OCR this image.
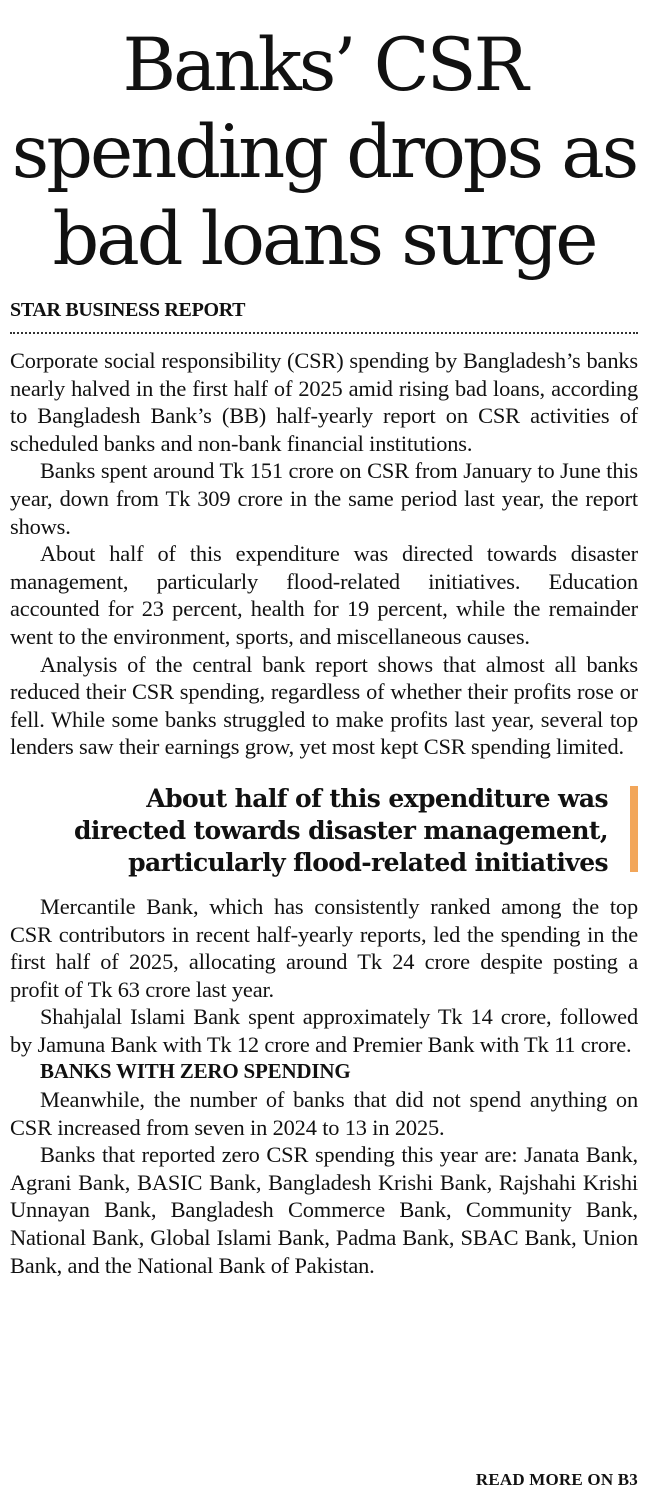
Banks’ CSR
spending drops as
bad loans surge
STAR BUSINESS REPORT

Corporate social responsibility (CSR) spending by Bangladesh’s banks nearly halved in the first half of 2025 amid rising bad loans, according to Bangladesh Bank’s (BB) half-yearly report on CSR activities of scheduled banks and non-bank financial institutions.

Banks spent around Tk 151 crore on CSR from January to June this year, down from Tk 309 crore in the same period last year, the report shows.

About half of this expenditure was directed towards disaster management, particularly flood-related initiatives. Education accounted for 23 percent, health for 19 percent, while the remainder went to the environment, sports, and miscellaneous causes.

Analysis of the central bank report shows that almost all banks reduced their CSR spending, regardless of whether their profits rose or fell. While some banks struggled to make profits last year, several top lenders saw their earnings grow, yet most kept CSR spending limited.

About half of this expenditure was
directed towards disaster management,
particularly flood-related initiatives

Mercantile Bank, which has consistently ranked among the top CSR contributors in recent half-yearly reports, led the spending in the first half of 2025, allocating around Tk 24 crore despite posting a profit of Tk 63 crore last year.

Shahjalal Islami Bank spent approximately Tk 14 crore, followed by Jamuna Bank with Tk 12 crore and Premier Bank with Tk 11 crore.

BANKS WITH ZERO SPENDING

Meanwhile, the number of banks that did not spend anything on CSR increased from seven in 2024 to 13 in 2025.

Banks that reported zero CSR spending this year are: Janata Bank, Agrani Bank, BASIC Bank, Bangladesh Krishi Bank, Rajshahi Krishi Unnayan Bank, Bangladesh Commerce Bank, Community Bank, National Bank, Global Islami Bank, Padma Bank, SBAC Bank, Union Bank, and the National Bank of Pakistan.

READ MORE ON B3
